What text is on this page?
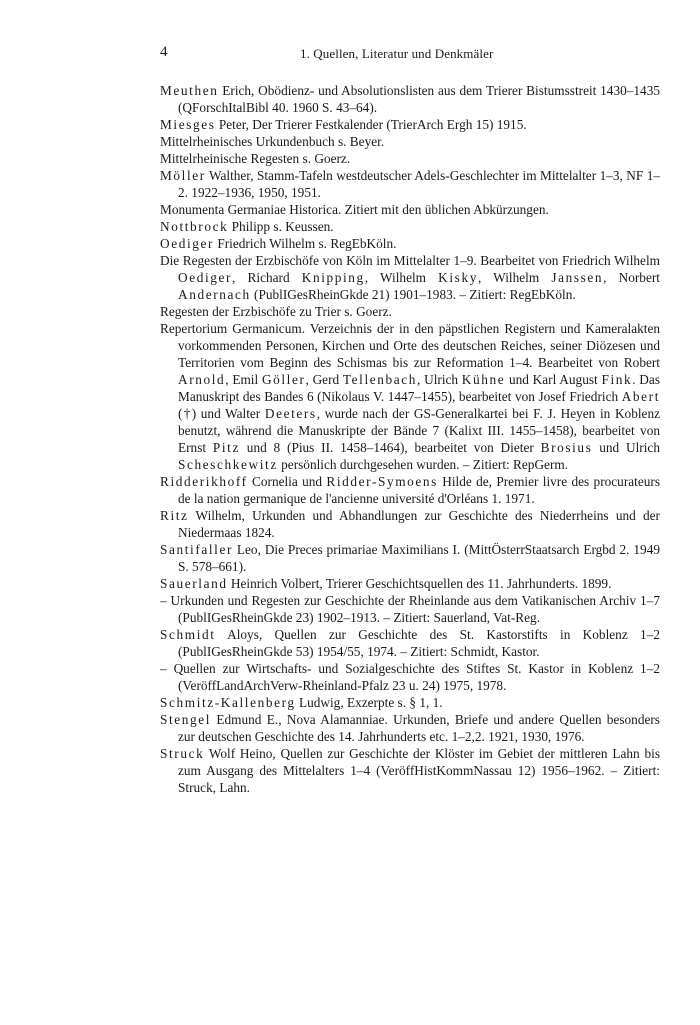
4	1. Quellen, Literatur und Denkmäler

Meuthen Erich, Obödienz- und Absolutionslisten aus dem Trierer Bistumsstreit 1430–1435 (QForschItalBibl 40. 1960 S. 43–64).

Miesges Peter, Der Trierer Festkalender (TrierArch Ergh 15) 1915.

Mittelrheinisches Urkundenbuch s. Beyer.

Mittelrheinische Regesten s. Goerz.

Möller Walther, Stamm-Tafeln westdeutscher Adels-Geschlechter im Mittelalter 1–3, NF 1–2. 1922–1936, 1950, 1951.

Monumenta Germaniae Historica. Zitiert mit den üblichen Abkürzungen.

Nottbrock Philipp s. Keussen.

Oediger Friedrich Wilhelm s. RegEbKöln.

Die Regesten der Erzbischöfe von Köln im Mittelalter 1–9. Bearbeitet von Friedrich Wilhelm Oediger, Richard Knipping, Wilhelm Kisky, Wilhelm Janssen, Norbert Andernach (PublIGesRheinGkde 21) 1901–1983. – Zitiert: RegEbKöln.

Regesten der Erzbischöfe zu Trier s. Goerz.

Repertorium Germanicum. Verzeichnis der in den päpstlichen Registern und Kameralakten vorkommenden Personen, Kirchen und Orte des deutschen Reiches, seiner Diözesen und Territorien vom Beginn des Schismas bis zur Reformation 1–4. Bearbeitet von Robert Arnold, Emil Göller, Gerd Tellenbach, Ulrich Kühne und Karl August Fink. Das Manuskript des Bandes 6 (Nikolaus V. 1447–1455), bearbeitet von Josef Friedrich Abert (†) und Walter Deeters, wurde nach der GS-Generalkartei bei F. J. Heyen in Koblenz benutzt, während die Manuskripte der Bände 7 (Kalixt III. 1455–1458), bearbeitet von Ernst Pitz und 8 (Pius II. 1458–1464), bearbeitet von Dieter Brosius und Ulrich Scheschkewitz persönlich durchgesehen wurden. – Zitiert: RepGerm.

Ridderikhoff Cornelia und Ridder-Symoens Hilde de, Premier livre des procurateurs de la nation germanique de l'ancienne université d'Orléans 1. 1971.

Ritz Wilhelm, Urkunden und Abhandlungen zur Geschichte des Niederrheins und der Niedermaas 1824.

Santifaller Leo, Die Preces primariae Maximilians I. (MittÖsterrStaatsarch Ergbd 2. 1949 S. 578–661).

Sauerland Heinrich Volbert, Trierer Geschichtsquellen des 11. Jahrhunderts. 1899.

– Urkunden und Regesten zur Geschichte der Rheinlande aus dem Vatikanischen Archiv 1–7 (PublIGesRheinGkde 23) 1902–1913. – Zitiert: Sauerland, Vat-Reg.

Schmidt Aloys, Quellen zur Geschichte des St. Kastorstifts in Koblenz 1–2 (PublIGesRheinGkde 53) 1954/55, 1974. – Zitiert: Schmidt, Kastor.

– Quellen zur Wirtschafts- und Sozialgeschichte des Stiftes St. Kastor in Koblenz 1–2 (VeröffLandArchVerw-Rheinland-Pfalz 23 u. 24) 1975, 1978.

Schmitz-Kallenberg Ludwig, Exzerpte s. § 1, 1.

Stengel Edmund E., Nova Alamanniae. Urkunden, Briefe und andere Quellen besonders zur deutschen Geschichte des 14. Jahrhunderts etc. 1–2,2. 1921, 1930, 1976.

Struck Wolf Heino, Quellen zur Geschichte der Klöster im Gebiet der mittleren Lahn bis zum Ausgang des Mittelalters 1–4 (VeröffHistKommNassau 12) 1956–1962. – Zitiert: Struck, Lahn.
